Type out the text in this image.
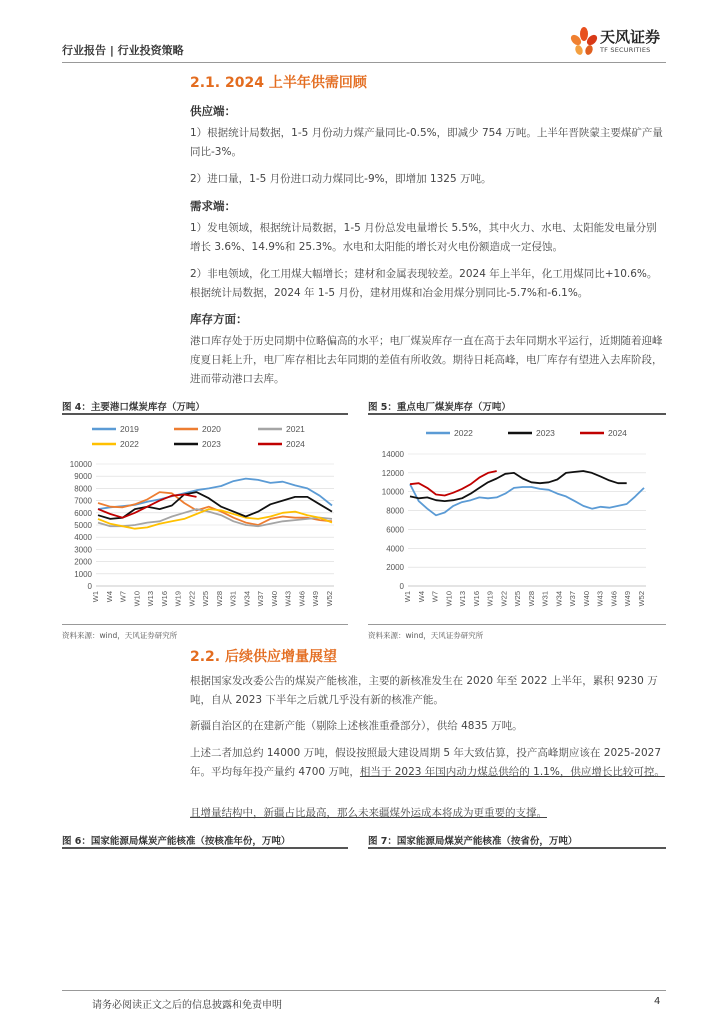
行业报告 | 行业投资策略
天风证券
TF SECURITIES
2.1. 2024 上半年供需回顾
供应端：
1）根据统计局数据，1-5 月份动力煤产量同比-0.5%，即减少 754 万吨。上半年晋陕蒙主要煤矿产量同比-3%。
2）进口量，1-5 月份进口动力煤同比-9%，即增加 1325 万吨。
需求端：
1）发电领域，根据统计局数据，1-5 月份总发电量增长 5.5%，其中火力、水电、太阳能发电量分别增长 3.6%、14.9%和 25.3%。水电和太阳能的增长对火电份额造成一定侵蚀。
2）非电领域，化工用煤大幅增长；建材和金属表现较差。2024 年上半年，化工用煤同比+10.6%。根据统计局数据，2024 年 1-5 月份，建材用煤和冶金用煤分别同比-5.7%和-6.1%。
库存方面：
港口库存处于历史同期中位略偏高的水平；电厂煤炭库存一直在高于去年同期水平运行，近期随着迎峰度夏日耗上升，电厂库存相比去年同期的差值有所收敛。期待日耗高峰，电厂库存有望进入去库阶段，进而带动港口去库。
图 4：主要港口煤炭库存（万吨）
0
1000
2000
3000
4000
5000
6000
7000
8000
9000
10000
W1 W4 W7 W10 W13 W16 W19 W22 W25 W28 W31 W34 W37 W40 W43 W46 W49 W52
2019	2020	2021
2022	2023	2024
资料来源：wind，天风证券研究所
图 5：重点电厂煤炭库存（万吨）
0
2000
4000
6000
8000
10000
12000
14000
W1 W4 W7 W10 W13 W16 W19 W22 W25 W28 W31 W34 W37 W40 W43 W46 W49 W52
2022	2023	2024
资料来源：wind，天风证券研究所
2.2. 后续供应增量展望
根据国家发改委公告的煤炭产能核准，主要的新核准发生在 2020 年至 2022 上半年，累积 9230 万吨，自从 2023 下半年之后就几乎没有新的核准产能。
新疆自治区的在建新产能（剔除上述核准重叠部分），供给 4835 万吨。
上述二者加总约 14000 万吨，假设按照最大建设周期 5 年大致估算，投产高峰期应该在 2025-2027 年。平均每年投产量约 4700 万吨，相当于 2023 年国内动力煤总供给的 1.1%，供应增长比较可控。
且增量结构中，新疆占比最高，那么未来疆煤外运成本将成为更重要的支撑。
图 6：国家能源局煤炭产能核准（按核准年份，万吨）	图 7：国家能源局煤炭产能核准（按省份，万吨）
请务必阅读正文之后的信息披露和免责申明	4
